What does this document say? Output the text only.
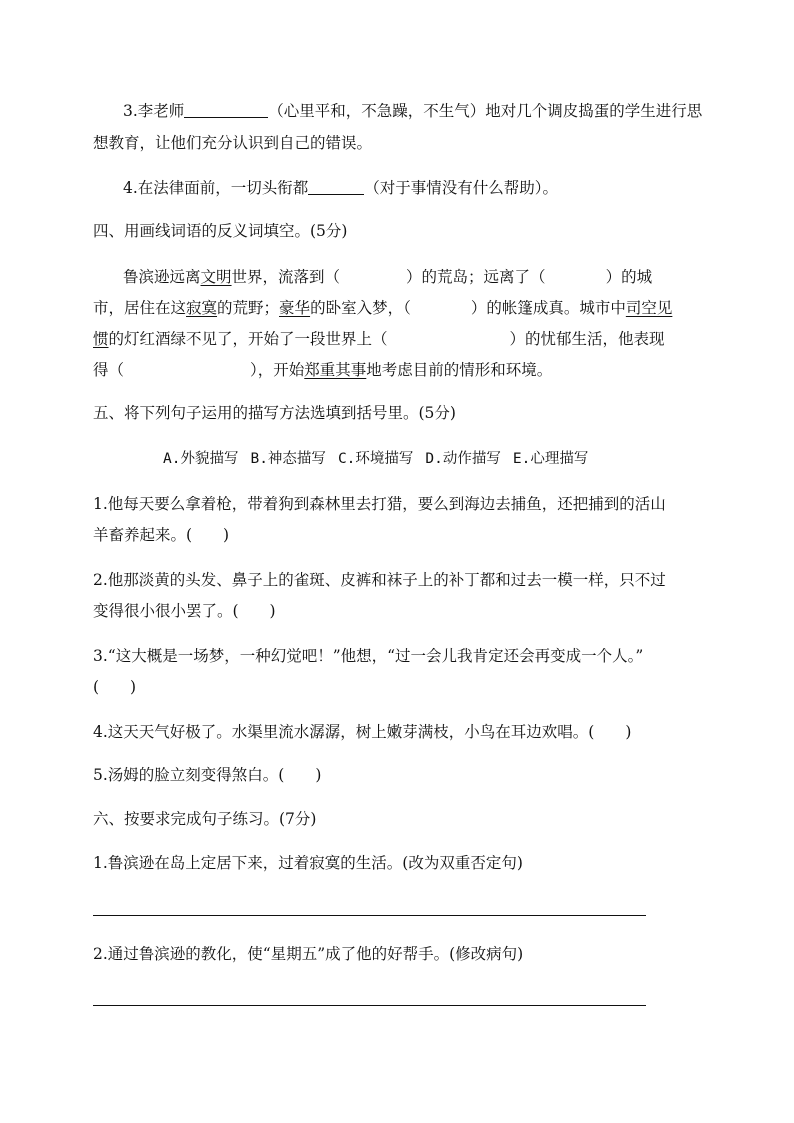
3.李老师	（心里平和，不急躁，不生气）地对几个调皮捣蛋的学生进行思
想教育，让他们充分认识到自己的错误。
4.在法律面前，一切头衔都	（对于事情没有什么帮助）。
四、用画线词语的反义词填空。(5分)
鲁滨逊远离文明世界，流落到（	）的荒岛；远离了（	）的城
市，居住在这寂寞的荒野；豪华的卧室入梦，（	）的帐篷成真。城市中司空见
惯的灯红酒绿不见了，开始了一段世界上（	）的忧郁生活，他表现
得（	），开始郑重其事地考虑目前的情形和环境。
五、将下列句子运用的描写方法选填到括号里。(5分)
A.外貌描写 B.神态描写 C.环境描写 D.动作描写 E.心理描写
1.他每天要么拿着枪，带着狗到森林里去打猎，要么到海边去捕鱼，还把捕到的活山
羊畜养起来。(　　)
2.他那淡黄的头发、鼻子上的雀斑、皮裤和袜子上的补丁都和过去一模一样，只不过
变得很小很小罢了。(　　)
3.“这大概是一场梦，一种幻觉吧！”他想，“过一会儿我肯定还会再变成一个人。”
(　　)
4.这天天气好极了。水渠里流水潺潺，树上嫩芽满枝，小鸟在耳边欢唱。(　　)
5.汤姆的脸立刻变得煞白。(　　)
六、按要求完成句子练习。(7分)
1.鲁滨逊在岛上定居下来，过着寂寞的生活。(改为双重否定句)
2.通过鲁滨逊的教化，使“星期五”成了他的好帮手。(修改病句)
